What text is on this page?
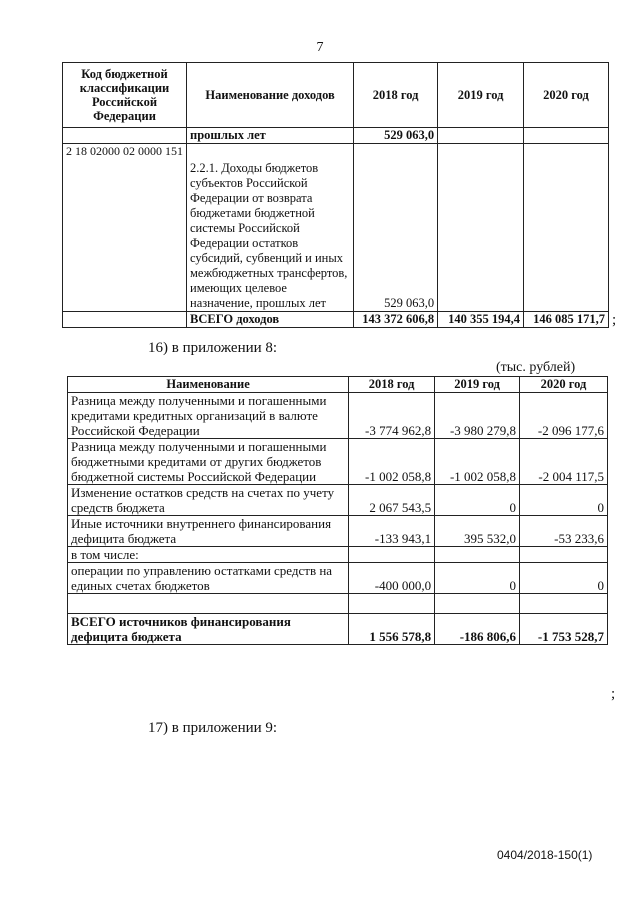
7
Код бюджетной классификации Российской Федерации	Наименование доходов	2018 год	2019 год	2020 год
	прошлых лет	529 063,0		
2 18 02000 02 0000 151	2.2.1. Доходы бюджетов субъектов Российской Федерации от возврата бюджетами бюджетной системы Российской Федерации остатков субсидий, субвенций и иных межбюджетных трансфертов, имеющих целевое назначение, прошлых лет	529 063,0		
	ВСЕГО доходов	143 372 606,8	140 355 194,4	146 085 171,7 ;
16) в приложении 8:
(тыс. рублей)
Наименование	2018 год	2019 год	2020 год
Разница между полученными и погашенными кредитами кредитных организаций в валюте Российской Федерации	-3 774 962,8	-3 980 279,8	-2 096 177,6
Разница между полученными и погашенными бюджетными кредитами от других бюджетов бюджетной системы Российской Федерации	-1 002 058,8	-1 002 058,8	-2 004 117,5
Изменение остатков средств на счетах по учету средств бюджета	2 067 543,5	0	0
Иные источники внутреннего финансирования дефицита бюджета	-133 943,1	395 532,0	-53 233,6
в том числе:			
операции по управлению остатками средств на единых счетах бюджетов	-400 000,0	0	0

ВСЕГО источников финансирования дефицита бюджета	1 556 578,8	-186 806,6	-1 753 528,7
;
17) в приложении 9:
0404/2018-150(1)
